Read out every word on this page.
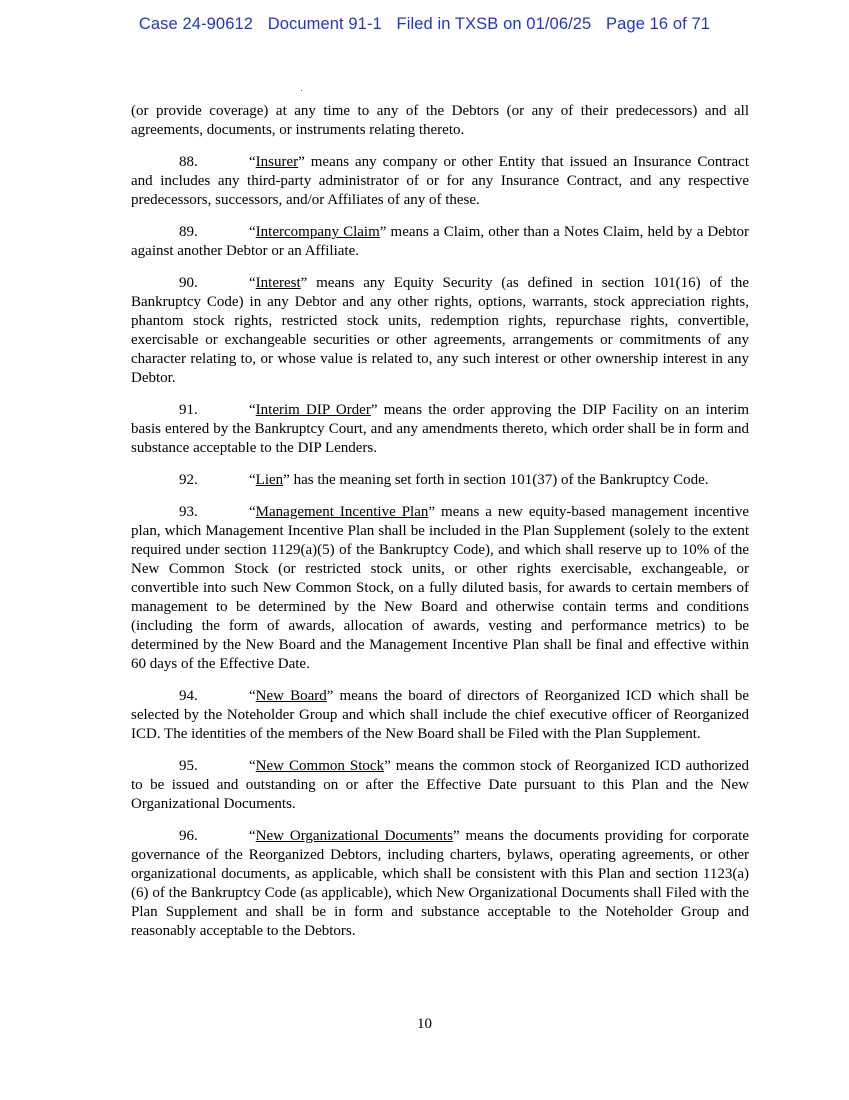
Case 24-90612 Document 91-1 Filed in TXSB on 01/06/25 Page 16 of 71

(or provide coverage) at any time to any of the Debtors (or any of their predecessors) and all agreements, documents, or instruments relating thereto.

88.	“Insurer” means any company or other Entity that issued an Insurance Contract and includes any third-party administrator of or for any Insurance Contract, and any respective predecessors, successors, and/or Affiliates of any of these.

89.	“Intercompany Claim” means a Claim, other than a Notes Claim, held by a Debtor against another Debtor or an Affiliate.

90.	“Interest” means any Equity Security (as defined in section 101(16) of the Bankruptcy Code) in any Debtor and any other rights, options, warrants, stock appreciation rights, phantom stock rights, restricted stock units, redemption rights, repurchase rights, convertible, exercisable or exchangeable securities or other agreements, arrangements or commitments of any character relating to, or whose value is related to, any such interest or other ownership interest in any Debtor.

91.	“Interim DIP Order” means the order approving the DIP Facility on an interim basis entered by the Bankruptcy Court, and any amendments thereto, which order shall be in form and substance acceptable to the DIP Lenders.

92.	“Lien” has the meaning set forth in section 101(37) of the Bankruptcy Code.

93.	“Management Incentive Plan” means a new equity-based management incentive plan, which Management Incentive Plan shall be included in the Plan Supplement (solely to the extent required under section 1129(a)(5) of the Bankruptcy Code), and which shall reserve up to 10% of the New Common Stock (or restricted stock units, or other rights exercisable, exchangeable, or convertible into such New Common Stock, on a fully diluted basis, for awards to certain members of management to be determined by the New Board and otherwise contain terms and conditions (including the form of awards, allocation of awards, vesting and performance metrics) to be determined by the New Board and the Management Incentive Plan shall be final and effective within 60 days of the Effective Date.

94.	“New Board” means the board of directors of Reorganized ICD which shall be selected by the Noteholder Group and which shall include the chief executive officer of Reorganized ICD. The identities of the members of the New Board shall be Filed with the Plan Supplement.

95.	“New Common Stock” means the common stock of Reorganized ICD authorized to be issued and outstanding on or after the Effective Date pursuant to this Plan and the New Organizational Documents.

96.	“New Organizational Documents” means the documents providing for corporate governance of the Reorganized Debtors, including charters, bylaws, operating agreements, or other organizational documents, as applicable, which shall be consistent with this Plan and section 1123(a)(6) of the Bankruptcy Code (as applicable), which New Organizational Documents shall Filed with the Plan Supplement and shall be in form and substance acceptable to the Noteholder Group and reasonably acceptable to the Debtors.

10
